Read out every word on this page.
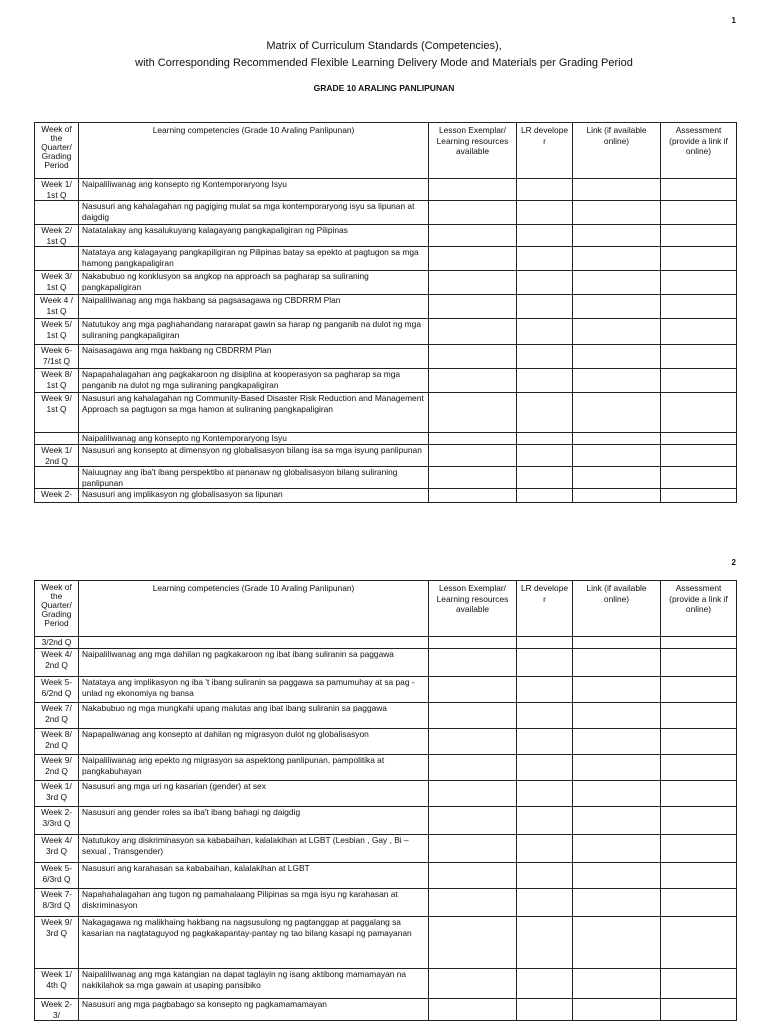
1
Matrix of Curriculum Standards (Competencies),
with Corresponding Recommended Flexible Learning Delivery Mode and Materials per Grading Period
GRADE 10 ARALING PANLIPUNAN
Week of the Quarter/ Grading Period	Learning competencies (Grade 10 Araling Panlipunan)	Lesson Exemplar/ Learning resources available	LR develope r	Link (if available online)	Assessment (provide a link if online)
Week 1/ 1st Q	Naipaliliwanag ang konsepto ng Kontemporaryong Isyu				
	Nasusuri ang kahalagahan ng pagiging mulat sa mga kontemporaryong isyu sa lipunan at daigdig				
Week 2/ 1st Q	Natatalakay ang kasalukuyang kalagayang pangkapaligiran ng Pilipinas				
	Natataya ang kalagayang pangkapiligiran ng Pilipinas batay sa epekto at pagtugon sa mga hamong pangkapaligiran				
Week 3/ 1st Q	Nakabubuo ng konklusyon sa angkop na approach sa pagharap sa suliraning pangkapaligiran				
Week 4 / 1st Q	Naipaliliwanag ang mga hakbang sa pagsasagawa ng CBDRRM Plan				
Week 5/ 1st Q	Natutukoy ang mga paghahandang nararapat gawin sa harap ng panganib na dulot ng mga suliraning pangkapaligiran				
Week 6-7/1st Q	Naisasagawa ang mga hakbang ng CBDRRM Plan				
Week 8/ 1st Q	Napapahalagahan ang pagkakaroon ng disiplina at kooperasyon sa pagharap sa mga panganib na dulot ng mga suliraning pangkapaligiran				
Week 9/ 1st Q	Nasusuri ang kahalagahan ng Community-Based Disaster Risk Reduction and Management Approach sa pagtugon sa mga hamon at suliraning pangkapaligiran				
	Naipaliliwanag ang konsepto ng Kontemporaryong Isyu				
Week 1/ 2nd Q	Nasusuri ang konsepto at dimensyon ng globalisasyon bilang isa sa mga isyung panlipunan				
	Naiuugnay ang iba't ibang perspektibo at pananaw ng globalisasyon bilang suliraning panlipunan				
Week 2-	Nasusuri ang implikasyon ng globalisasyon sa lipunan				
2
Week of the Quarter/ Grading Period	Learning competencies (Grade 10 Araling Panlipunan)	Lesson Exemplar/ Learning resources available	LR develope r	Link (if available online)	Assessment (provide a link if online)
3/2nd Q					
Week 4/ 2nd Q	Naipaliliwanag ang mga dahilan ng pagkakaroon ng ibat ibang suliranin sa paggawa				
Week 5-6/2nd Q	Natataya ang implikasyon ng iba 't ibang suliranin sa paggawa sa pamumuhay at sa pag -unlad ng ekonomiya ng bansa				
Week 7/ 2nd Q	Nakabubuo ng mga mungkahi upang malutas ang ibat ibang suliranin sa paggawa				
Week 8/ 2nd Q	Napapaliwanag ang konsepto at dahilan ng migrasyon dulot ng globalisasyon				
Week 9/ 2nd Q	Naipaliliwanag ang epekto ng migrasyon sa aspektong panlipunan, pampolitika at pangkabuhayan				
Week 1/ 3rd Q	Nasusuri ang mga uri ng kasarian (gender) at sex				
Week 2-3/3rd Q	Nasusuri ang gender roles sa iba't ibang bahagi ng daigdig				
Week 4/ 3rd Q	Natutukoy ang diskriminasyon sa kababaihan, kalalakihan at LGBT (Lesbian , Gay , Bi – sexual , Transgender)				
Week 5-6/3rd Q	Nasusuri ang karahasan sa kababaihan, kalalakihan at LGBT				
Week 7-8/3rd Q	Napahahalagahan ang tugon ng pamahalaang Pilipinas sa mga isyu ng karahasan at diskriminasyon				
Week 9/ 3rd Q	Nakagagawa ng malikhaing hakbang na nagsusulong ng pagtanggap at paggalang sa kasarian na nagtataguyod ng pagkakapantay-pantay ng tao bilang kasapi ng pamayanan				
Week 1/ 4th Q	Naipaliliwanag ang mga katangian na dapat taglayin ng isang aktibong mamamayan na nakikilahok sa mga gawain at usaping pansibiko				
Week 2-3/	Nasusuri ang mga pagbabago sa konsepto ng pagkamamamayan				
